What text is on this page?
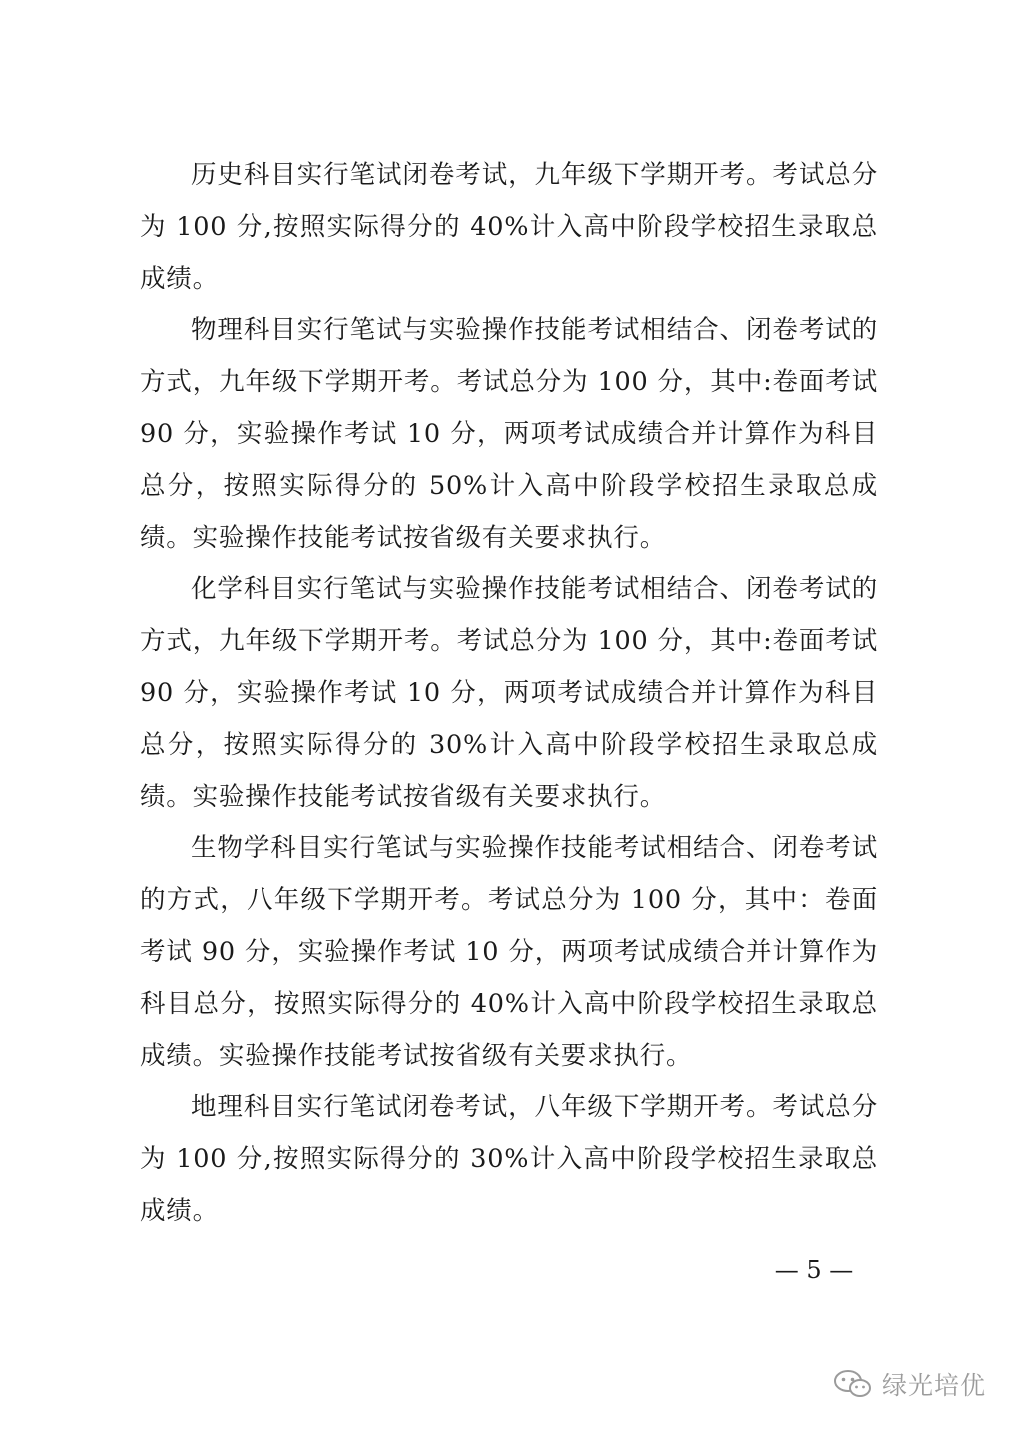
历史科目实行笔试闭卷考试，九年级下学期开考。考试总分为 100 分,按照实际得分的 40%计入高中阶段学校招生录取总成绩。

物理科目实行笔试与实验操作技能考试相结合、闭卷考试的方式，九年级下学期开考。考试总分为 100 分，其中:卷面考试 90 分，实验操作考试 10 分，两项考试成绩合并计算作为科目总分，按照实际得分的 50%计入高中阶段学校招生录取总成绩。实验操作技能考试按省级有关要求执行。

化学科目实行笔试与实验操作技能考试相结合、闭卷考试的方式，九年级下学期开考。考试总分为 100 分，其中:卷面考试 90 分，实验操作考试 10 分，两项考试成绩合并计算作为科目总分，按照实际得分的 30%计入高中阶段学校招生录取总成绩。实验操作技能考试按省级有关要求执行。

生物学科目实行笔试与实验操作技能考试相结合、闭卷考试的方式，八年级下学期开考。考试总分为 100 分，其中：卷面考试 90 分，实验操作考试 10 分，两项考试成绩合并计算作为科目总分，按照实际得分的 40%计入高中阶段学校招生录取总成绩。实验操作技能考试按省级有关要求执行。

地理科目实行笔试闭卷考试，八年级下学期开考。考试总分为 100 分,按照实际得分的 30%计入高中阶段学校招生录取总成绩。

— 5 —
绿光培优
